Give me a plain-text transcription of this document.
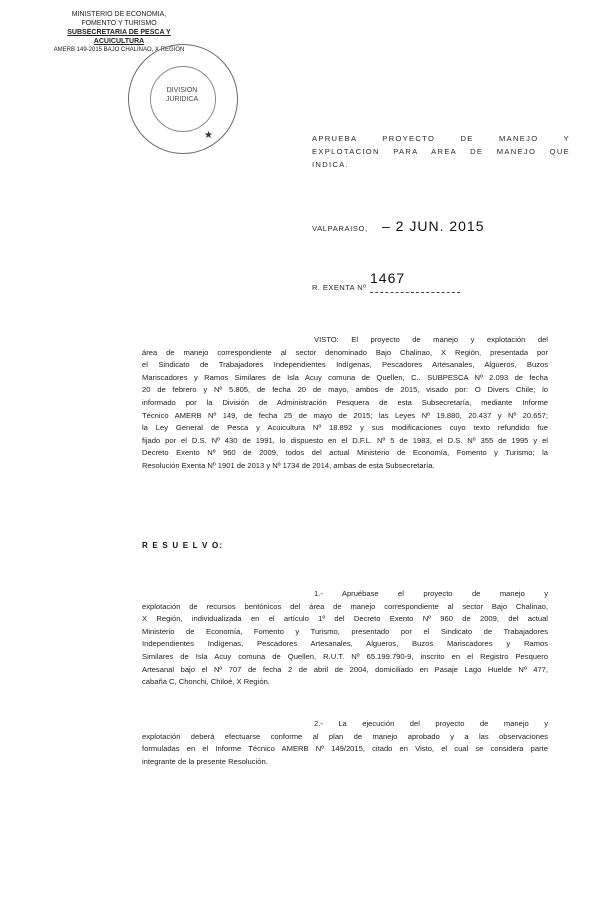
MINISTERIO DE ECONOMIA,
FOMENTO Y TURISMO
SUBSECRETARIA DE PESCA Y ACUICULTURA
AMERB 149-2015 BAJO CHALINAO, X REGION
DIVISION
JURIDICA
★	APRUEBA PROYECTO DE MANEJO Y
EXPLOTACION PARA AREA DE MANEJO QUE
INDICA.
VALPARAISO, – 2 JUN. 2015
R. EXENTA Nº
1467
VISTO: El proyecto de manejo y explotación del
área de manejo correspondiente al sector denominado Bajo Chalinao, X Región, presentada por
el Sindicato de Trabajadores Independientes Indígenas, Pescadores Artesanales, Algueros, Buzos
Mariscadores y Ramos Similares de Isla Acuy comuna de Quellen, C.. SUBPESCA Nº 2.093 de fecha
20 de febrero y Nº 5.805, de fecha 20 de mayo, ambos de 2015, visado por: O Divers Chile; lo
informado por la División de Administración Pesquera de esta Subsecretaría, mediante Informe
Técnico AMERB Nº 149, de fecha 25 de mayo de 2015; las Leyes Nº 19.880, 20.437 y Nº 20.657;
la Ley General de Pesca y Acuicultura Nº 18.892 y sus modificaciones cuyo texto refundido fue
fijado por el D.S. Nº 430 de 1991, lo dispuesto en el D.F.L. Nº 5 de 1983, el D.S. Nº 355 de 1995 y el
Decreto Exento Nº 960 de 2009, todos del actual Ministerio de Economía, Fomento y Turismo; la
Resolución Exenta Nº 1901 de 2013 y Nº 1734 de 2014, ambas de esta Subsecretaría.
R E S U E L V O:
1.- Apruébase el proyecto de manejo y
explotación de recursos bentónicos del área de manejo correspondiente al sector Bajo Chalinao,
X Región, individualizada en el artículo 1º del Decreto Exento Nº 960 de 2009, del actual
Ministerio de Economía, Fomento y Turismo, presentado por el Sindicato de Trabajadores
Independientes Indígenas, Pescadores Artesanales, Algueros, Buzos Mariscadores y Ramos
Similares de Isla Acuy comuna de Quellen, R.U.T. Nº 65.199.790-9, inscrito en el Registro Pesquero
Artesanal bajo el Nº 707 de fecha 2 de abril de 2004, domiciliado en Pasaje Lago Huelde Nº 477,
cabaña C, Chonchi, Chiloé, X Región.
2.- La ejecución del proyecto de manejo y
explotación deberá efectuarse conforme al plan de manejo aprobado y a las observaciones
formuladas en el Informe Técnico AMERB Nº 149/2015, citado en Visto, el cual se considera parte
integrante de la presente Resolución.
